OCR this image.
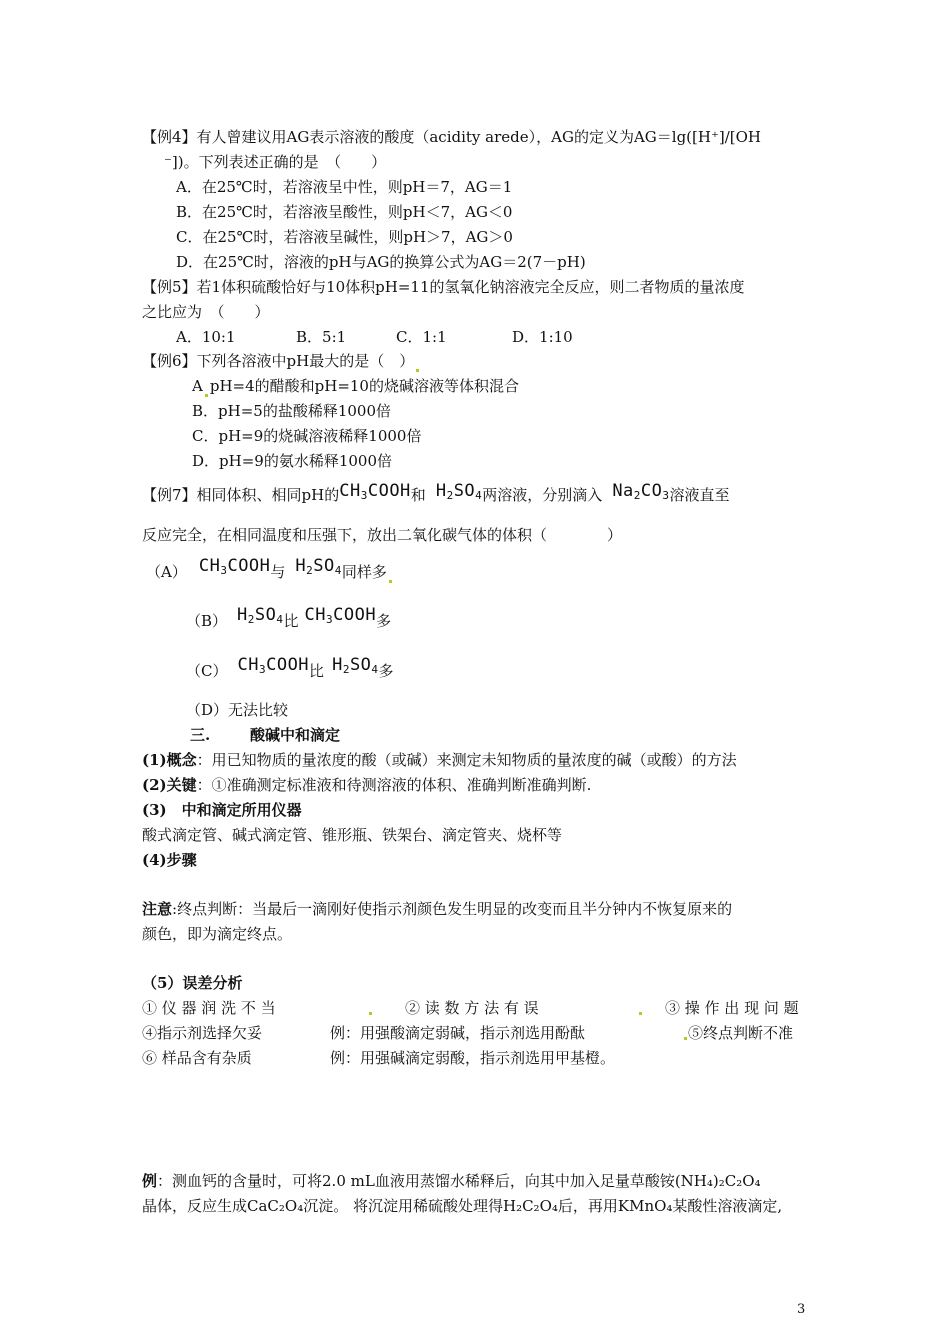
【例4】有人曾建议用AG表示溶液的酸度（acidity arede），AG的定义为AG＝lg([H⁺]/[OH
⁻])。下列表述正确的是　（　　）
A．在25℃时，若溶液呈中性，则pH＝7，AG＝1
B．在25℃时，若溶液呈酸性，则pH＜7，AG＜0
C．在25℃时，若溶液呈碱性，则pH＞7，AG＞0
D．在25℃时，溶液的pH与AG的换算公式为AG＝2(7－pH)
【例5】若1体积硫酸恰好与10体积pH=11的氢氧化钠溶液完全反应，则二者物质的量浓度
之比应为　（　　）
A．10:1	B．5:1	C．1:1	D．1:10
【例6】下列各溶液中pH最大的是（　）
A pH=4的醋酸和pH=10的烧碱溶液等体积混合
B．pH=5的盐酸稀释1000倍
C．pH=9的烧碱溶液稀释1000倍
D．pH=9的氨水稀释1000倍
【例7】相同体积、相同pH的$CH_3COOH$和 $H_2SO_4$两溶液，分别滴入 $Na_2CO_3$溶液直至
反应完全，在相同温度和压强下，放出二氧化碳气体的体积（　　　　）
（A） $CH_3COOH$与 $H_2SO_4$同样多
（B） $H_2SO_4$比 $CH_3COOH$多
（C） $CH_3COOH$比 $H_2SO_4$多
（D）无法比较
三.	酸碱中和滴定
(1)概念：用已知物质的量浓度的酸（或碱）来测定未知物质的量浓度的碱（或酸）的方法
(2)关键：①准确测定标准液和待测溶液的体积、准确判断准确判断.
(3)　中和滴定所用仪器
酸式滴定管、碱式滴定管、锥形瓶、铁架台、滴定管夹、烧杯等
(4)步骤
注意:终点判断：当最后一滴刚好使指示剂颜色发生明显的改变而且半分钟内不恢复原来的
颜色，即为滴定终点。
（5）误差分析
① 仪 器 润 洗 不 当	② 读 数 方 法 有 误	③ 操 作 出 现 问 题
④指示剂选择欠妥	例：用强酸滴定弱碱，指示剂选用酚酞	⑤终点判断不准
⑥ 样品含有杂质	例：用强碱滴定弱酸，指示剂选用甲基橙。
例：测血钙的含量时，可将2.0 mL血液用蒸馏水稀释后，向其中加入足量草酸铵(NH₄)₂C₂O₄
晶体，反应生成CaC₂O₄沉淀。 将沉淀用稀硫酸处理得H₂C₂O₄后，再用KMnO₄某酸性溶液滴定,
3
